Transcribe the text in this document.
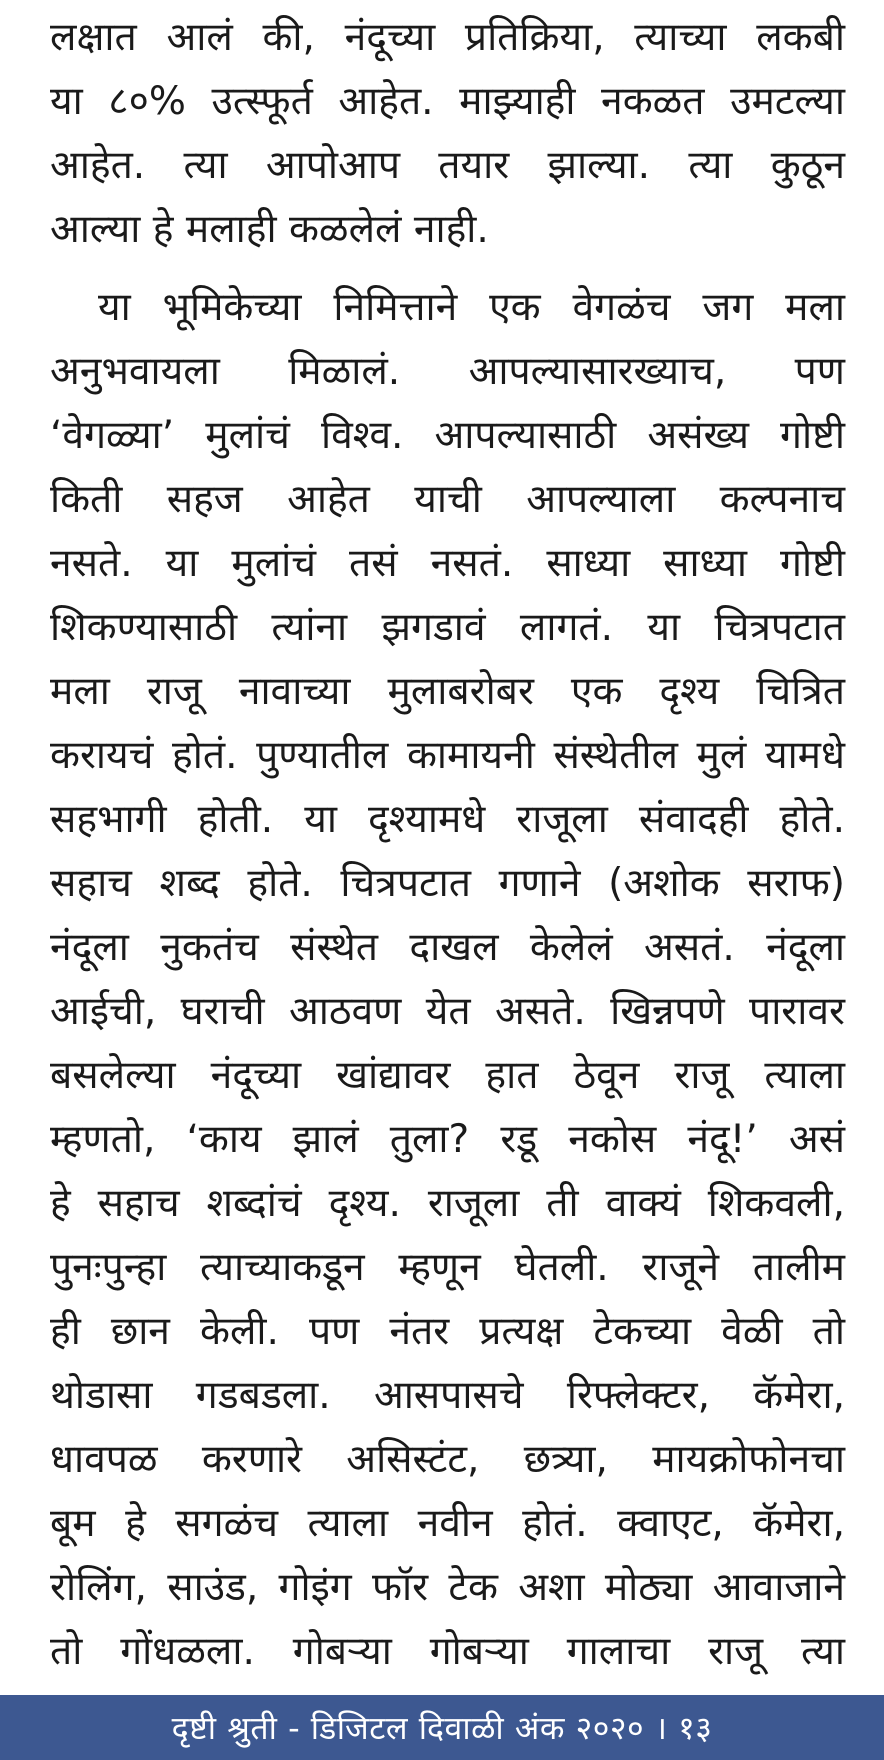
लक्षात आलं की, नंदूच्या प्रतिक्रिया, त्याच्या लकबी
या ८०% उत्स्फूर्त आहेत. माझ्याही नकळत उमटल्या
आहेत. त्या आपोआप तयार झाल्या. त्या कुठून
आल्या हे मलाही कळलेलं नाही.
या भूमिकेच्या निमित्ताने एक वेगळंच जग मला
अनुभवायला मिळालं. आपल्यासारख्याच, पण
‘वेगळ्या’ मुलांचं विश्व. आपल्यासाठी असंख्य गोष्टी
किती सहज आहेत याची आपल्याला कल्पनाच
नसते. या मुलांचं तसं नसतं. साध्या साध्या गोष्टी
शिकण्यासाठी त्यांना झगडावं लागतं. या चित्रपटात
मला राजू नावाच्या मुलाबरोबर एक दृश्य चित्रित
करायचं होतं. पुण्यातील कामायनी संस्थेतील मुलं यामधे
सहभागी होती. या दृश्यामधे राजूला संवादही होते.
सहाच शब्द होते. चित्रपटात गणाने (अशोक सराफ)
नंदूला नुकतंच संस्थेत दाखल केलेलं असतं. नंदूला
आईची, घराची आठवण येत असते. खिन्नपणे पारावर
बसलेल्या नंदूच्या खांद्यावर हात ठेवून राजू त्याला
म्हणतो, ‘काय झालं तुला? रडू नकोस नंदू!’ असं
हे सहाच शब्दांचं दृश्य. राजूला ती वाक्यं शिकवली,
पुनःपुन्हा त्याच्याकडून म्हणून घेतली. राजूने तालीम
ही छान केली. पण नंतर प्रत्यक्ष टेकच्या वेळी तो
थोडासा गडबडला. आसपासचे रिफ्लेक्टर, कॅमेरा,
धावपळ करणारे असिस्टंट, छत्र्या, मायक्रोफोनचा
बूम हे सगळंच त्याला नवीन होतं. क्वाएट, कॅमेरा,
रोलिंग, साउंड, गोइंग फॉर टेक अशा मोठ्या आवाजाने
तो गोंधळला. गोबऱ्या गोबऱ्या गालाचा राजू त्या
दृष्टी श्रुती - डिजिटल दिवाळी अंक २०२० । १३
